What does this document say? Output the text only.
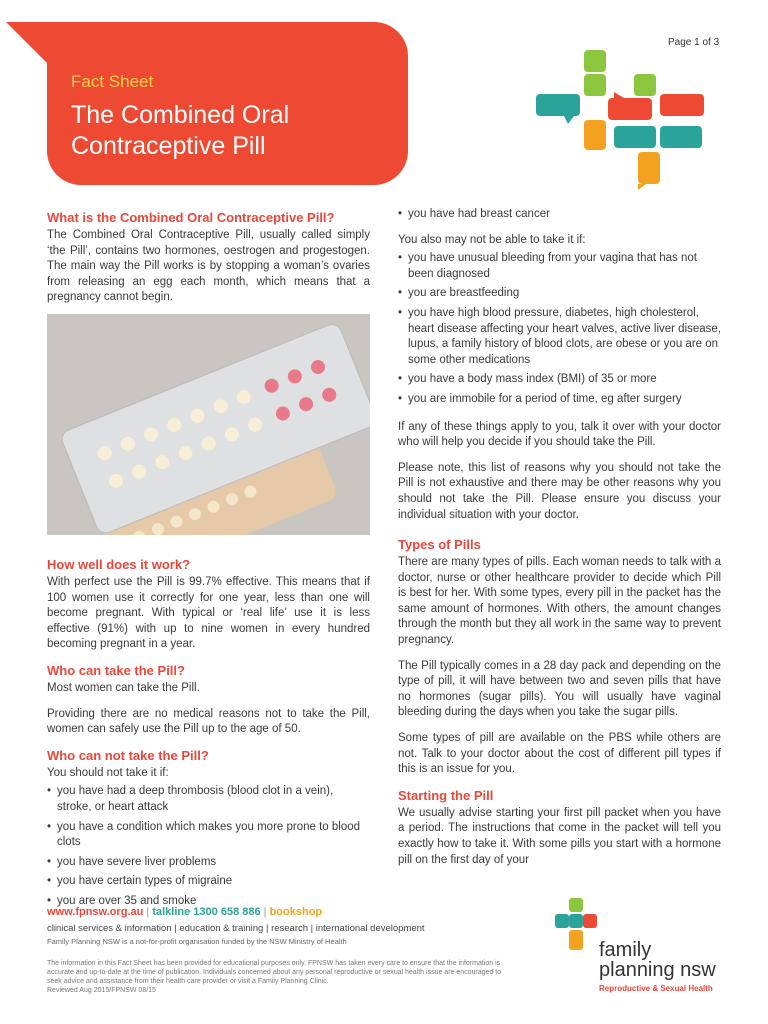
Page 1 of 3
Fact Sheet
The Combined Oral Contraceptive Pill
What is the Combined Oral Contraceptive Pill?

The Combined Oral Contraceptive Pill, usually called simply ‘the Pill’, contains two hormones, oestrogen and progestogen. The main way the Pill works is by stopping a woman’s ovaries from releasing an egg each month, which means that a pregnancy cannot begin.

How well does it work?

With perfect use the Pill is 99.7% effective. This means that if 100 women use it correctly for one year, less than one will become pregnant. With typical or ‘real life’ use it is less effective (91%) with up to nine women in every hundred becoming pregnant in a year.

Who can take the Pill?

Most women can take the Pill.

Providing there are no medical reasons not to take the Pill, women can safely use the Pill up to the age of 50.

Who can not take the Pill?

You should not take it if:

• you have had a deep thrombosis (blood clot in a vein), stroke, or heart attack
• you have a condition which makes you more prone to blood clots
• you have severe liver problems
• you have certain types of migraine
• you are over 35 and smoke
• you have had breast cancer

You also may not be able to take it if:

• you have unusual bleeding from your vagina that has not been diagnosed
• you are breastfeeding
• you have high blood pressure, diabetes, high cholesterol, heart disease affecting your heart valves, active liver disease, lupus, a family history of blood clots, are obese or you are on some other medications
• you have a body mass index (BMI) of 35 or more
• you are immobile for a period of time, eg after surgery

If any of these things apply to you, talk it over with your doctor who will help you decide if you should take the Pill.

Please note, this list of reasons why you should not take the Pill is not exhaustive and there may be other reasons why you should not take the Pill. Please ensure you discuss your individual situation with your doctor.

Types of Pills

There are many types of pills. Each woman needs to talk with a doctor, nurse or other healthcare provider to decide which Pill is best for her. With some types, every pill in the packet has the same amount of hormones. With others, the amount changes through the month but they all work in the same way to prevent pregnancy.

The Pill typically comes in a 28 day pack and depending on the type of pill, it will have between two and seven pills that have no hormones (sugar pills). You will usually have vaginal bleeding during the days when you take the sugar pills.

Some types of pill are available on the PBS while others are not. Talk to your doctor about the cost of different pill types if this is an issue for you.

Starting the Pill

We usually advise starting your first pill packet when you have a period. The instructions that come in the packet will tell you exactly how to take it. With some pills you start with a hormone pill on the first day of your

www.fpnsw.org.au | talkline 1300 658 886 | bookshop
clinical services & information | education & training | research | international development
Family Planning NSW is a not-for-profit organisation funded by the NSW Ministry of Health
The information in this Fact Sheet has been provided for educational purposes only. FPNSW has taken every care to ensure that the information is accurate and up-to-date at the time of publication. Individuals concerned about any personal reproductive or sexual health issue are encouraged to seek advice and assistance from their health care provider or visit a Family Planning Clinic.
Reviewed Aug 2015/FPNSW 08/15
family
planning nsw
Reproductive & Sexual Health
